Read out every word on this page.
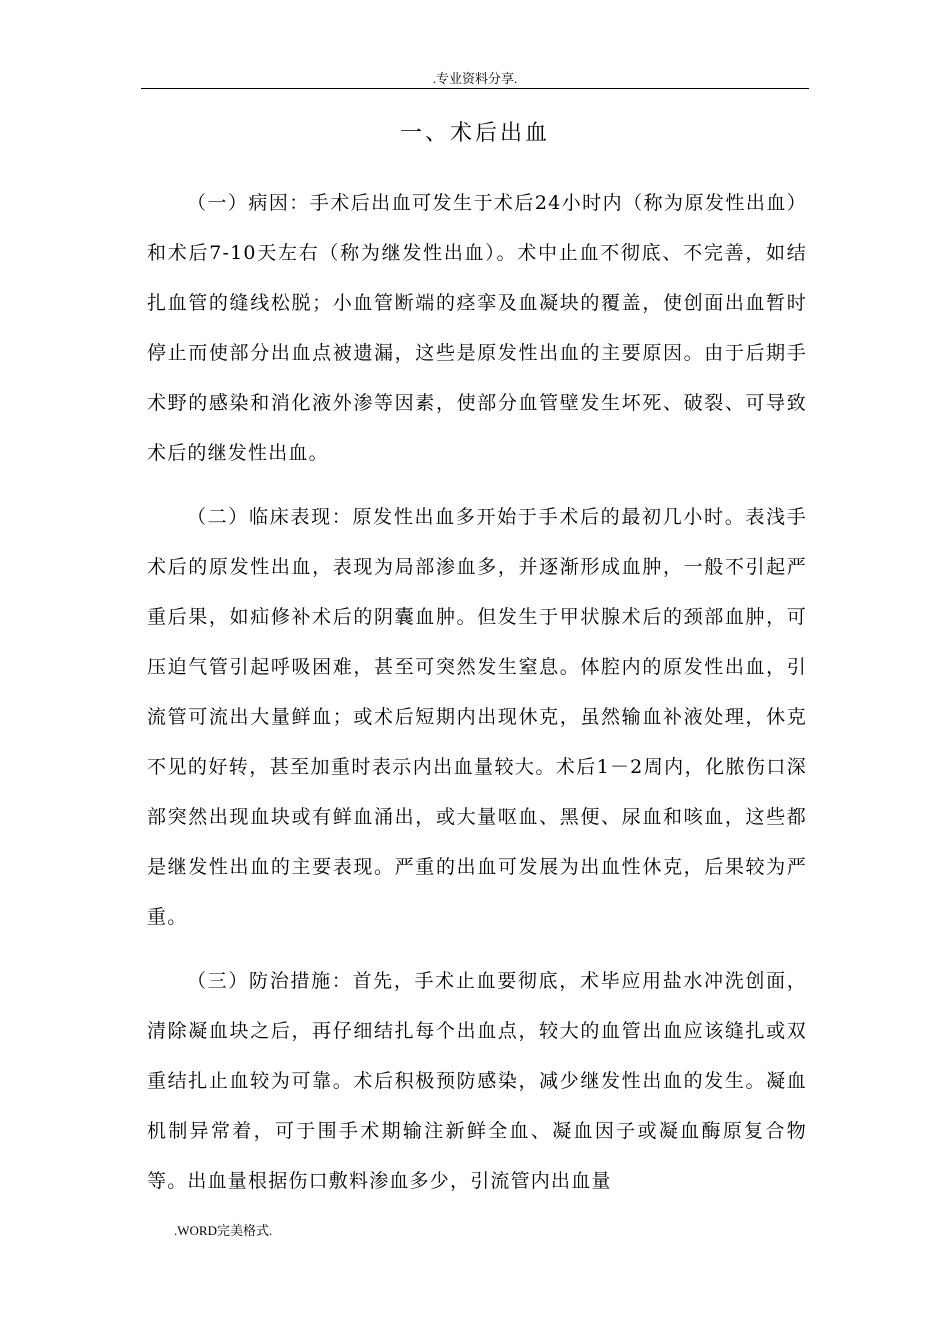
.专业资料分享.
一、术后出血

（一）病因：手术后出血可发生于术后24小时内（称为原发性出血）和术后7-10天左右（称为继发性出血）。术中止血不彻底、不完善，如结扎血管的缝线松脱；小血管断端的痉挛及血凝块的覆盖，使创面出血暂时停止而使部分出血点被遗漏，这些是原发性出血的主要原因。由于后期手术野的感染和消化液外渗等因素，使部分血管壁发生坏死、破裂、可导致术后的继发性出血。

（二）临床表现：原发性出血多开始于手术后的最初几小时。表浅手术后的原发性出血，表现为局部渗血多，并逐渐形成血肿，一般不引起严重后果，如疝修补术后的阴囊血肿。但发生于甲状腺术后的颈部血肿，可压迫气管引起呼吸困难，甚至可突然发生窒息。体腔内的原发性出血，引流管可流出大量鲜血；或术后短期内出现休克，虽然输血补液处理，休克不见的好转，甚至加重时表示内出血量较大。术后1－2周内，化脓伤口深部突然出现血块或有鲜血涌出，或大量呕血、黑便、尿血和咳血，这些都是继发性出血的主要表现。严重的出血可发展为出血性休克，后果较为严重。

（三）防治措施：首先，手术止血要彻底，术毕应用盐水冲洗创面，清除凝血块之后，再仔细结扎每个出血点，较大的血管出血应该缝扎或双重结扎止血较为可靠。术后积极预防感染，减少继发性出血的发生。凝血机制异常着，可于围手术期输注新鲜全血、凝血因子或凝血酶原复合物等。出血量根据伤口敷料渗血多少，引流管内出血量

.WORD完美格式.
